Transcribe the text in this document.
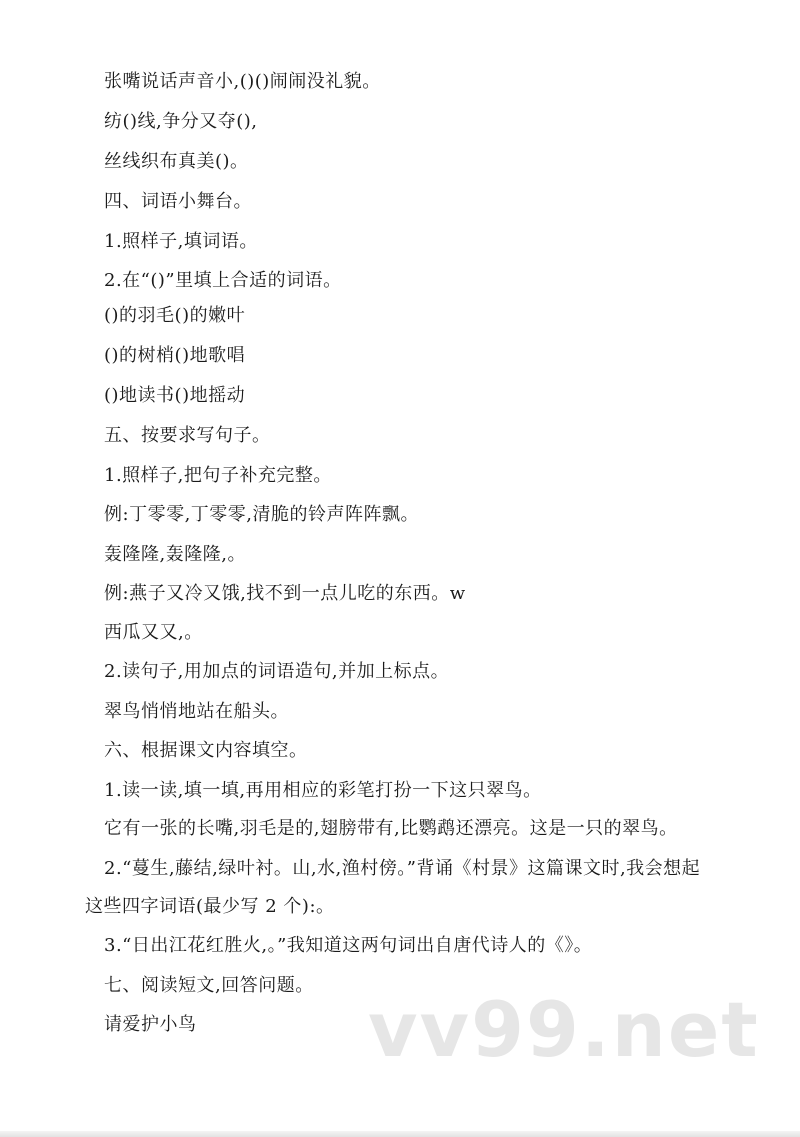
张嘴说话声音小,()()闹闹没礼貌。
纺()线,争分又夺(),
丝线织布真美()。
四、词语小舞台。
1.照样子,填词语。
2.在“()”里填上合适的词语。
()的羽毛()的嫩叶
()的树梢()地歌唱
()地读书()地摇动
五、按要求写句子。
1.照样子,把句子补充完整。
例:丁零零,丁零零,清脆的铃声阵阵飘。
轰隆隆,轰隆隆,。
例:燕子又冷又饿,找不到一点儿吃的东西。w
西瓜又又,。
2.读句子,用加点的词语造句,并加上标点。
翠鸟悄悄地站在船头。
六、根据课文内容填空。
1.读一读,填一填,再用相应的彩笔打扮一下这只翠鸟。
它有一张的长嘴,羽毛是的,翅膀带有,比鹦鹉还漂亮。这是一只的翠鸟。
2.“蔓生,藤结,绿叶衬。山,水,渔村傍。”背诵《村景》这篇课文时,我会想起
这些四字词语(最少写 2 个):。
3.“日出江花红胜火,。”我知道这两句词出自唐代诗人的《》。
七、阅读短文,回答问题。
请爱护小鸟 vv99.net
